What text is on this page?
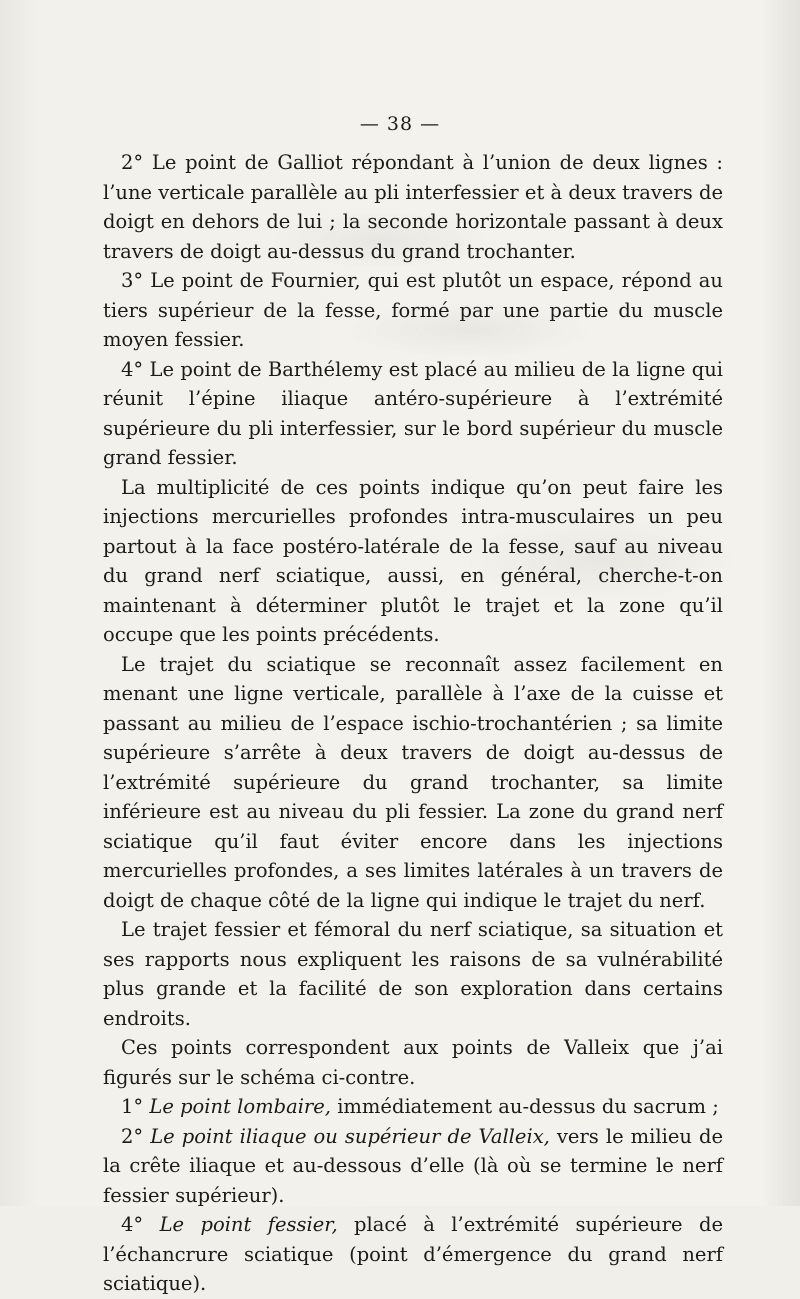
— 38 —

2° Le point de Galliot répondant à l’union de deux lignes : l’une verticale parallèle au pli interfessier et à deux travers de doigt en dehors de lui ; la seconde horizontale passant à deux travers de doigt au-dessus du grand trochanter.

3° Le point de Fournier, qui est plutôt un espace, répond au tiers supérieur de la fesse, formé par une partie du muscle moyen fessier.

4° Le point de Barthélemy est placé au milieu de la ligne qui réunit l’épine iliaque antéro-supérieure à l’extrémité supérieure du pli interfessier, sur le bord supérieur du muscle grand fessier.

La multiplicité de ces points indique qu’on peut faire les injections mercurielles profondes intra-musculaires un peu partout à la face postéro-latérale de la fesse, sauf au niveau du grand nerf sciatique, aussi, en général, cherche-t-on maintenant à déterminer plutôt le trajet et la zone qu’il occupe que les points précédents.

Le trajet du sciatique se reconnaît assez facilement en menant une ligne verticale, parallèle à l’axe de la cuisse et passant au milieu de l’espace ischio-trochantérien ; sa limite supérieure s’arrête à deux travers de doigt au-dessus de l’extrémité supérieure du grand trochanter, sa limite inférieure est au niveau du pli fessier. La zone du grand nerf sciatique qu’il faut éviter encore dans les injections mercurielles profondes, a ses limites latérales à un travers de doigt de chaque côté de la ligne qui indique le trajet du nerf.

Le trajet fessier et fémoral du nerf sciatique, sa situation et ses rapports nous expliquent les raisons de sa vulnérabilité plus grande et la facilité de son exploration dans certains endroits.

Ces points correspondent aux points de Valleix que j’ai figurés sur le schéma ci-contre.

1° Le point lombaire, immédiatement au-dessus du sacrum ;

2° Le point iliaque ou supérieur de Valleix, vers le milieu de la crête iliaque et au-dessous d’elle (là où se termine le nerf fessier supérieur).

4° Le point fessier, placé à l’extrémité supérieure de l’échancrure sciatique (point d’émergence du grand nerf sciatique).
